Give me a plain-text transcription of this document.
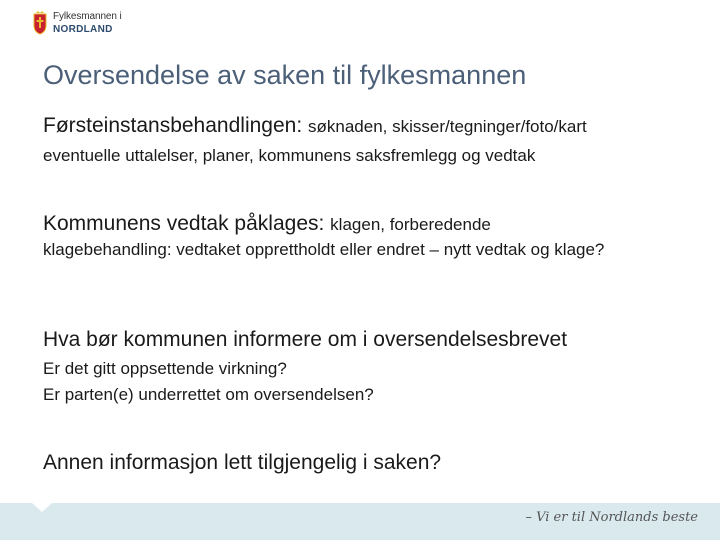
Fylkesmannen i
NORDLAND
Oversendelse av saken til fylkesmannen
Førsteinstansbehandlingen: søknaden, skisser/tegninger/foto/kart
eventuelle uttalelser, planer, kommunens saksfremlegg og vedtak
Kommunens vedtak påklages: klagen, forberedende
klagebehandling: vedtaket opprettholdt eller endret – nytt vedtak og klage?
Hva bør kommunen informere om i oversendelsesbrevet
Er det gitt oppsettende virkning?
Er parten(e) underrettet om oversendelsen?
Annen informasjon lett tilgjengelig i saken?
– Vi er til Nordlands beste
